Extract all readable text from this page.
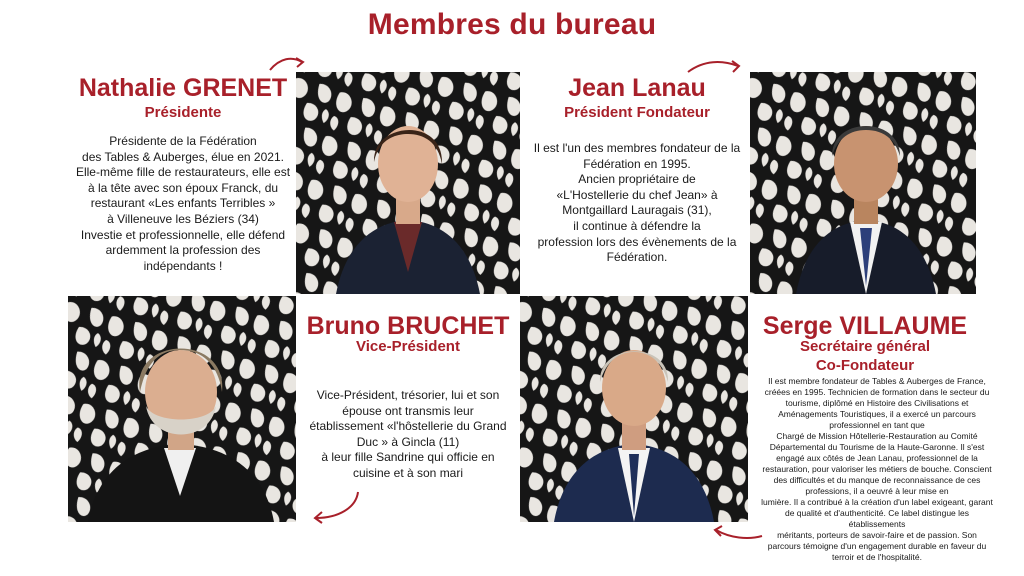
Membres du bureau
Nathalie GRENET
Présidente
Présidente de la Fédération
des Tables & Auberges, élue en 2021.
Elle-même fille de restaurateurs, elle est
à la tête avec son époux Franck, du
restaurant «Les enfants Terribles »
à Villeneuve les Béziers (34)
Investie et professionnelle, elle défend
ardemment la profession des
indépendants !
Jean Lanau
Président Fondateur
Il est l'un des membres fondateur de la
Fédération en 1995.
Ancien propriétaire de
«L'Hostellerie du chef Jean» à
Montgaillard Lauragais (31),
il continue à défendre la
profession lors des évènements de la
Fédération.
Bruno BRUCHET
Vice-Président
Vice-Président, trésorier, lui et son
épouse ont transmis leur
établissement «l'hôstellerie du Grand
Duc » à Gincla (11)
à leur fille Sandrine qui officie en
cuisine et à son mari
Serge VILLAUME
Secrétaire général
Co-Fondateur
Il est membre fondateur de Tables & Auberges de France,
créées en 1995. Technicien de formation dans le secteur du
tourisme, diplômé en Histoire des Civilisations et
Aménagements Touristiques, il a exercé un parcours
professionnel en tant que
Chargé de Mission Hôtellerie-Restauration au Comité
Départemental du Tourisme de la Haute-Garonne. Il s'est
engagé aux côtés de Jean Lanau, professionnel de la
restauration, pour valoriser les métiers de bouche. Conscient
des difficultés et du manque de reconnaissance de ces
professions, il a oeuvré à leur mise en
lumière. Il a contribué à la création d'un label exigeant, garant
de qualité et d'authenticité. Ce label distingue les
établissements
méritants, porteurs de savoir-faire et de passion. Son
parcours témoigne d'un engagement durable en faveur du
terroir et de l'hospitalité.
